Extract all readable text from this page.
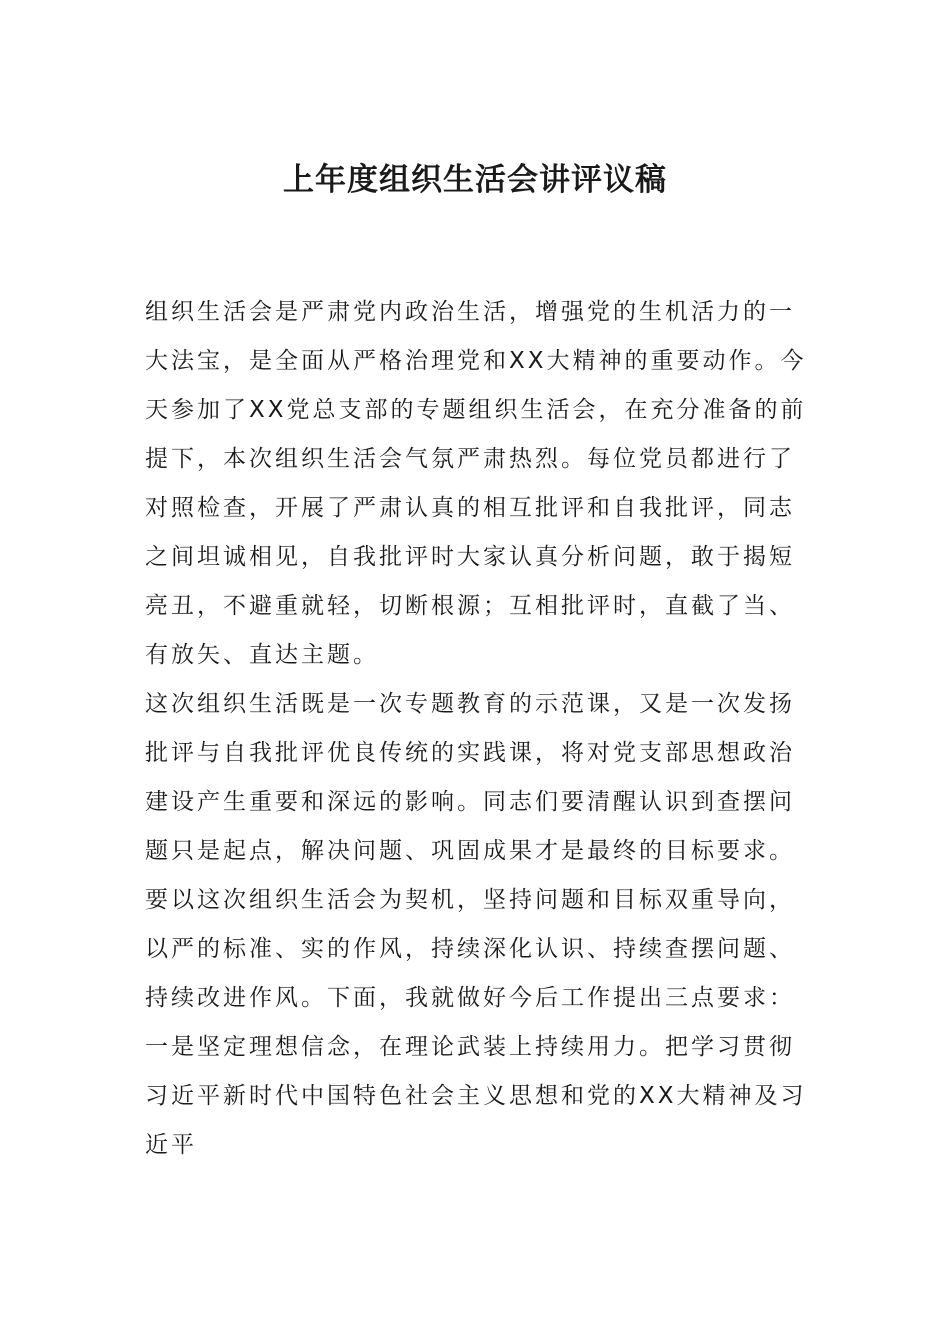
上年度组织生活会讲评议稿
组织生活会是严肃党内政治生活，增强党的生机活力的一
大法宝，是全面从严格治理党和XX大精神的重要动作。今
天参加了XX党总支部的专题组织生活会，在充分准备的前
提下，本次组织生活会气氛严肃热烈。每位党员都进行了
对照检查，开展了严肃认真的相互批评和自我批评，同志
之间坦诚相见，自我批评时大家认真分析问题，敢于揭短
亮丑，不避重就轻，切断根源；互相批评时，直截了当、
有放矢、直达主题。
这次组织生活既是一次专题教育的示范课，又是一次发扬
批评与自我批评优良传统的实践课，将对党支部思想政治
建设产生重要和深远的影响。同志们要清醒认识到查摆问
题只是起点，解决问题、巩固成果才是最终的目标要求。
要以这次组织生活会为契机，坚持问题和目标双重导向，
以严的标准、实的作风，持续深化认识、持续查摆问题、
持续改进作风。下面，我就做好今后工作提出三点要求：
一是坚定理想信念，在理论武装上持续用力。把学习贯彻
习近平新时代中国特色社会主义思想和党的XX大精神及习
近平
